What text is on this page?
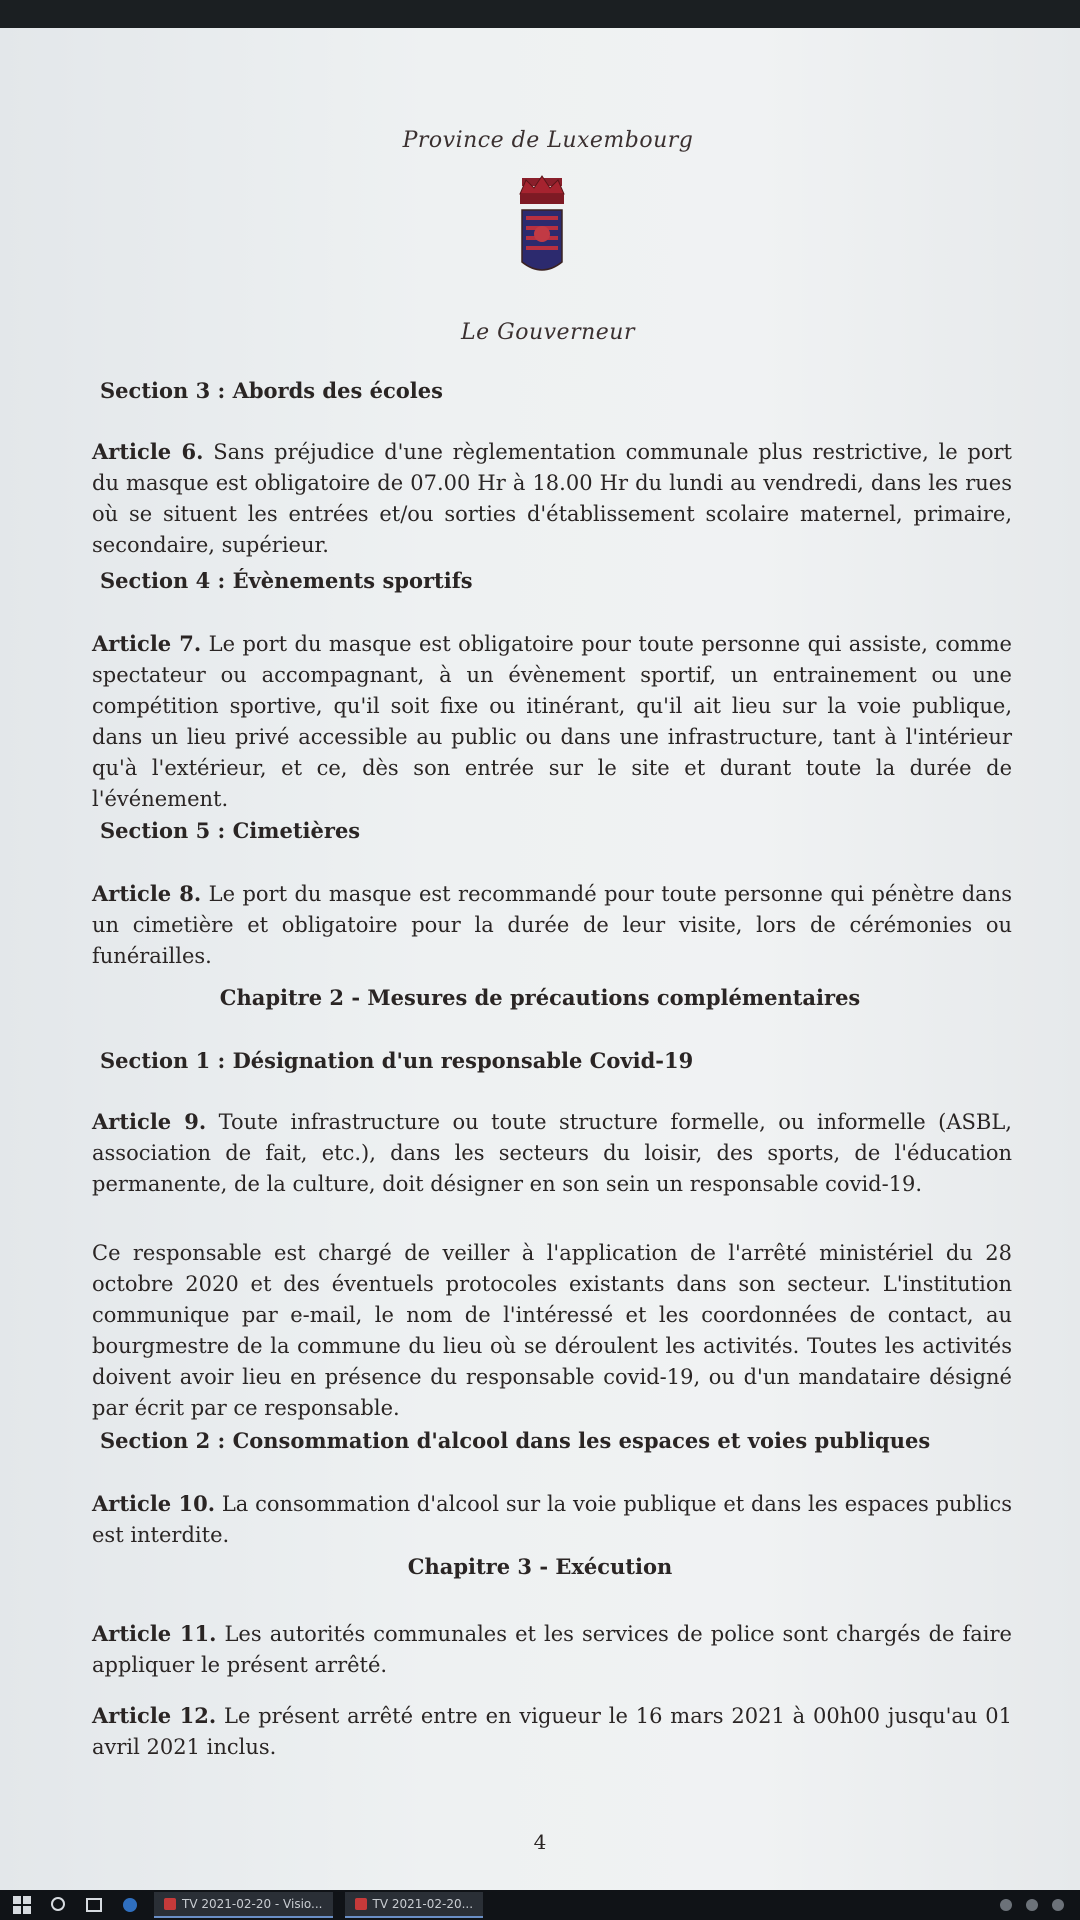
Province de Luxembourg
Le Gouverneur
Section 3 : Abords des écoles
Article 6. Sans préjudice d'une règlementation communale plus restrictive, le port du masque est obligatoire de 07.00 Hr à 18.00 Hr du lundi au vendredi, dans les rues où se situent les entrées et/ou sorties d'établissement scolaire maternel, primaire, secondaire, supérieur.
Section 4 : Évènements sportifs
Article 7. Le port du masque est obligatoire pour toute personne qui assiste, comme spectateur ou accompagnant, à un évènement sportif, un entrainement ou une compétition sportive, qu'il soit fixe ou itinérant, qu'il ait lieu sur la voie publique, dans un lieu privé accessible au public ou dans une infrastructure, tant à l'intérieur qu'à l'extérieur, et ce, dès son entrée sur le site et durant toute la durée de l'événement.
Section 5 : Cimetières
Article 8. Le port du masque est recommandé pour toute personne qui pénètre dans un cimetière et obligatoire pour la durée de leur visite, lors de cérémonies ou funérailles.
Chapitre 2 - Mesures de précautions complémentaires
Section 1 : Désignation d'un responsable Covid-19
Article 9. Toute infrastructure ou toute structure formelle, ou informelle (ASBL, association de fait, etc.), dans les secteurs du loisir, des sports, de l'éducation permanente, de la culture, doit désigner en son sein un responsable covid-19.
Ce responsable est chargé de veiller à l'application de l'arrêté ministériel du 28 octobre 2020 et des éventuels protocoles existants dans son secteur. L'institution communique par e-mail, le nom de l'intéressé et les coordonnées de contact, au bourgmestre de la commune du lieu où se déroulent les activités. Toutes les activités doivent avoir lieu en présence du responsable covid-19, ou d'un mandataire désigné par écrit par ce responsable.
Section 2 : Consommation d'alcool dans les espaces et voies publiques
Article 10. La consommation d'alcool sur la voie publique et dans les espaces publics est interdite.
Chapitre 3 - Exécution
Article 11. Les autorités communales et les services de police sont chargés de faire appliquer le présent arrêté.
Article 12. Le présent arrêté entre en vigueur le 16 mars 2021 à 00h00 jusqu'au 01 avril 2021 inclus.
4
TV 2021-02-20 - Visio...	TV 2021-02-20...
